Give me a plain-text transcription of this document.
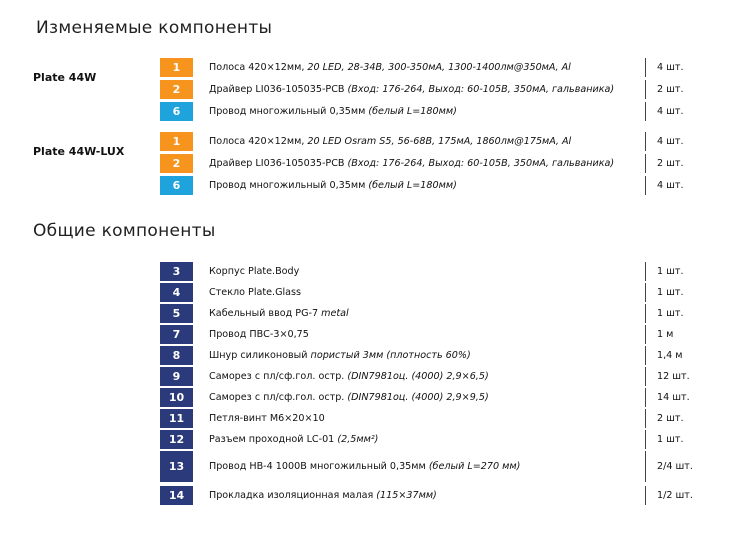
Изменяемые компоненты
Общие компоненты
Plate 44W
1	Полоса 420×12мм, 20 LED, 28-34В, 300-350мА, 1300-1400лм@350мА, Al	4 шт.
2	Драйвер LI036-105035-PCB (Вход: 176-264, Выход: 60-105В, 350мА, гальваника)	2 шт.
6	Провод многожильный 0,35мм (белый L=180мм)	4 шт.
Plate 44W-LUX
1	Полоса 420×12мм, 20 LED Osram S5, 56-68В, 175мА, 1860лм@175мА, Al	4 шт.
2	Драйвер LI036-105035-PCB (Вход: 176-264, Выход: 60-105В, 350мА, гальваника)	2 шт.
6	Провод многожильный 0,35мм (белый L=180мм)	4 шт.
3	Корпус Plate.Body	1 шт.
4	Стекло Plate.Glass	1 шт.
5	Кабельный ввод PG-7 metal	1 шт.
7	Провод ПВС-3×0,75	1 м
8	Шнур силиконовый пористый 3мм (плотность 60%)	1,4 м
9	Саморез с пл/сф.гол. остр. (DIN7981оц. (4000) 2,9×6,5)	12 шт.
10	Саморез с пл/сф.гол. остр. (DIN7981оц. (4000) 2,9×9,5)	14 шт.
11	Петля-винт М6×20×10	2 шт.
12	Разъем проходной LC-01 (2,5мм²)	1 шт.
13	Провод НВ-4 1000В многожильный 0,35мм (белый L=270 мм)	2/4 шт.
14	Прокладка изоляционная малая (115×37мм)	1/2 шт.
